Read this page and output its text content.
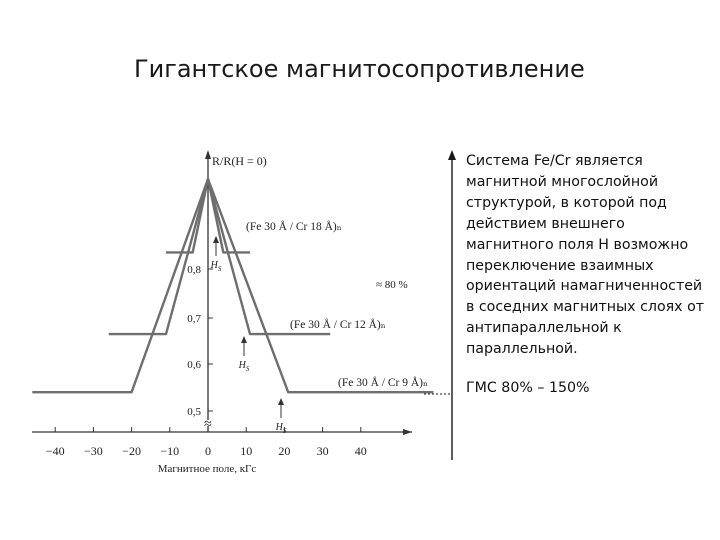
Гигантское магнитосопротивление
−40 −30 −20 −10 0 10 20 30 40
Магнитное поле, кГс
≈
0,5
0,6
0,7
0,8
R/R(H = 0)
(Fe 30 Å / Cr 18 Å)ₙ
$H_S$
(Fe 30 Å / Cr 12 Å)ₙ
$H_S$
(Fe 30 Å / Cr 9 Å)ₙ
$H_S$
≈ 80 %

Система Fe/Cr является магнитной многослойной структурой, в которой под действием внешнего магнитного поля H возможно переключение взаимных ориентаций намагниченностей в соседних магнитных слоях от антипараллельной к параллельной.

ГМС 80% – 150%
